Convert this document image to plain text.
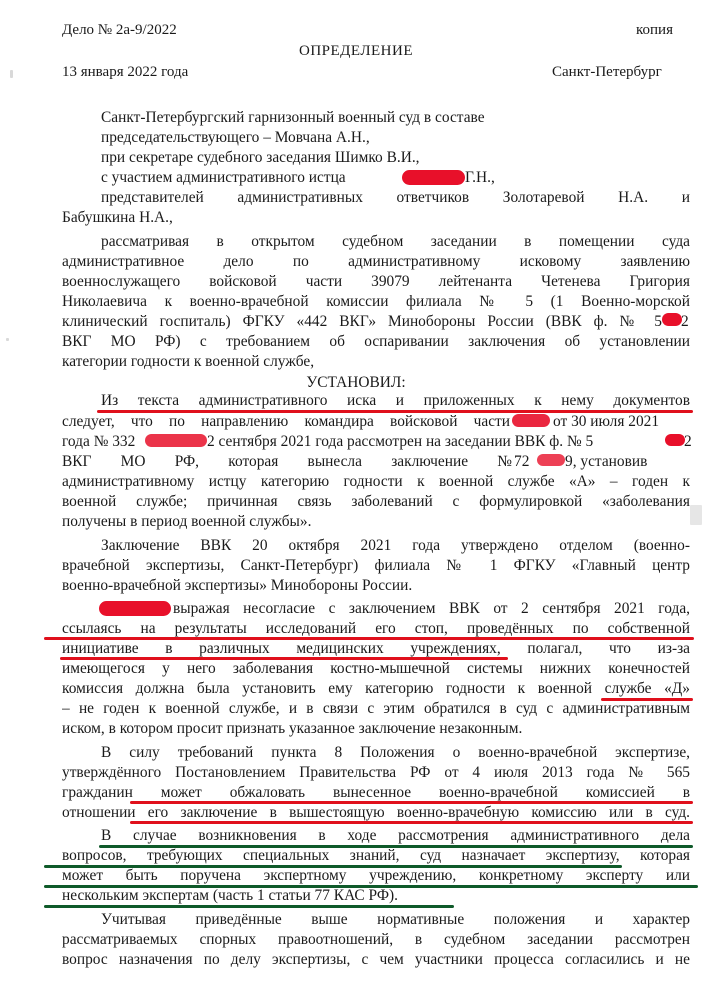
Дело № 2а-9/2022	копия
ОПРЕДЕЛЕНИЕ
13 января 2022 года	Санкт-Петербург
Санкт-Петербургский гарнизонный военный суд в составе
председательствующего – Мовчана А.Н.,
при секретаре судебного заседания Шимко В.И.,
с участием административного истца	Г.Н.,
представителей административных ответчиков Золотаревой Н.А. и
Бабушкина Н.А.,
рассматривая в открытом судебном заседании в помещении суда
административное дело по административному исковому заявлению
военнослужащего войсковой части 39079 лейтенанта Четенева Григория
Николаевича к военно-врачебной комиссии филиала № 5 (1 Военно-морской
клинический госпиталь) ФГКУ «442 ВКГ» Минобороны России (ВВК ф. № 5 2
ВКГ МО РФ) с требованием об оспаривании заключения об установлении
категории годности к военной службе,
УСТАНОВИЛ:
Из текста административного иска и приложенных к нему документов
следует, что по направлению командира войсковой части	от 30 июля 2021
года № 332	2 сентября 2021 года рассмотрен на заседании ВВК ф. № 5	2
ВКГ МО РФ, которая вынесла заключение № 72	9, установив
административному истцу категорию годности к военной службе «А» – годен к
военной службе; причинная связь заболеваний с формулировкой «заболевания
получены в период военной службы».
Заключение ВВК 20 октября 2021 года утверждено отделом (военно-
врачебной экспертизы, Санкт-Петербург) филиала № 1 ФГКУ «Главный центр
военно-врачебной экспертизы» Минобороны России.
выражая несогласие с заключением ВВК от 2 сентября 2021 года,
ссылаясь на результаты исследований его стоп, проведённых по собственной
инициативе в различных медицинских учреждениях, полагал, что из-за
имеющегося у него заболевания костно-мышечной системы нижних конечностей
комиссия должна была установить ему категорию годности к военной службе «Д»
– не годен к военной службе, и в связи с этим обратился в суд с административным
иском, в котором просит признать указанное заключение незаконным.
В силу требований пункта 8 Положения о военно-врачебной экспертизе,
утверждённого Постановлением Правительства РФ от 4 июля 2013 года № 565
гражданин может обжаловать вынесенное военно-врачебной комиссией в
отношении его заключение в вышестоящую военно-врачебную комиссию или в суд.
В случае возникновения в ходе рассмотрения административного дела
вопросов, требующих специальных знаний, суд назначает экспертизу, которая
может быть поручена экспертному учреждению, конкретному эксперту или
нескольким экспертам (часть 1 статьи 77 КАС РФ).
Учитывая приведённые выше нормативные положения и характер
рассматриваемых спорных правоотношений, в судебном заседании рассмотрен
вопрос назначения по делу экспертизы, с чем участники процесса согласились и не
